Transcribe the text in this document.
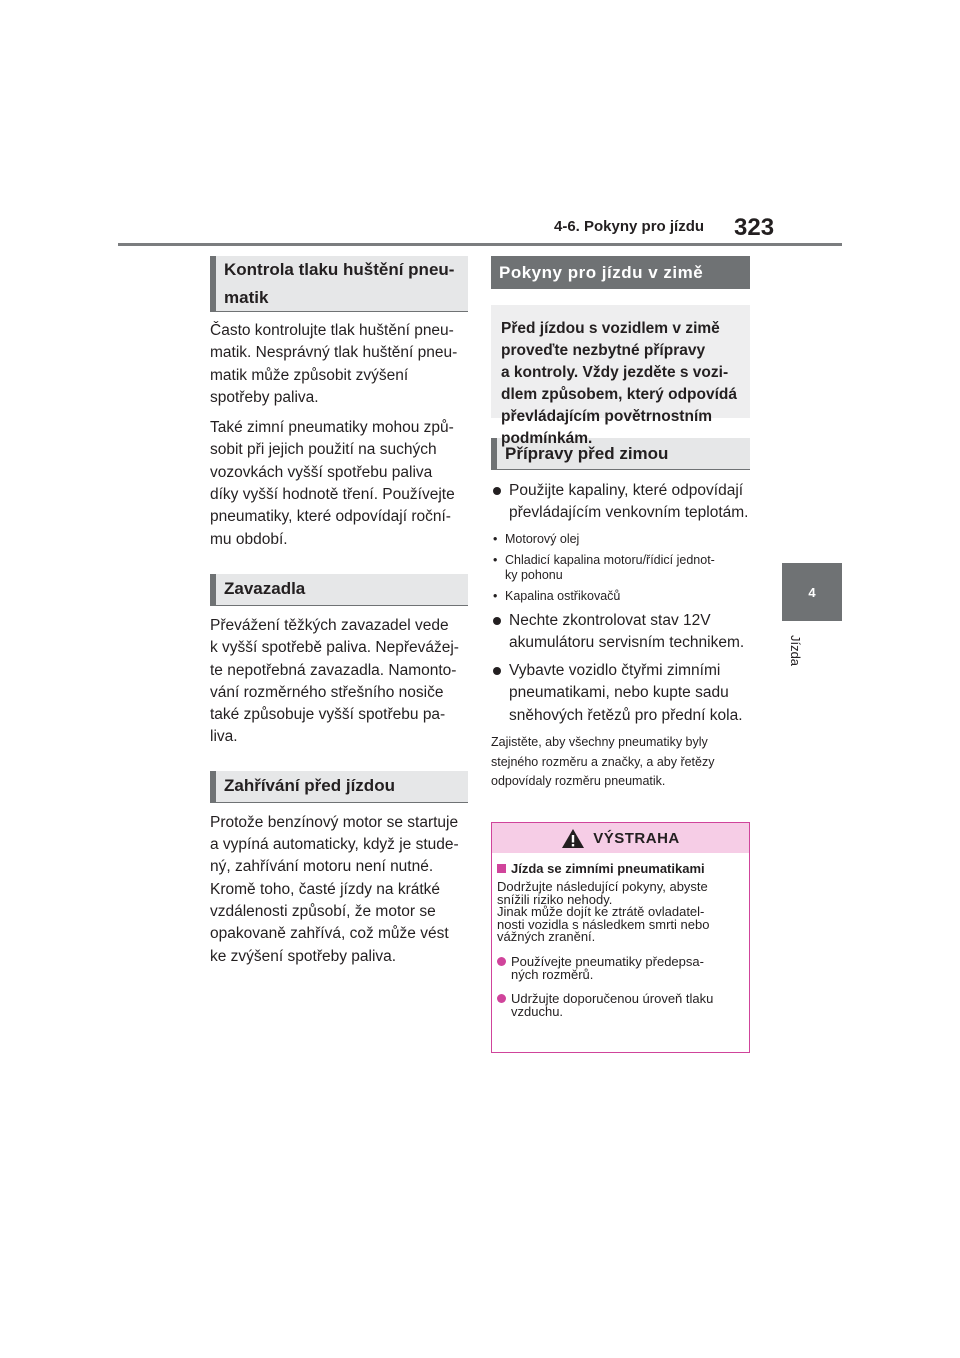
4-6. Pokyny pro jízdu 323
4
Jízda
Kontrola tlaku huštění pneu-
matik
Často kontrolujte tlak huštění pneu-
matik. Nesprávný tlak huštění pneu-
matik může způsobit zvýšení
spotřeby paliva.
Také zimní pneumatiky mohou způ-
sobit při jejich použití na suchých
vozovkách vyšší spotřebu paliva
díky vyšší hodnotě tření. Používejte
pneumatiky, které odpovídají roční-
mu období.
Zavazadla
Převážení těžkých zavazadel vede
k vyšší spotřebě paliva. Nepřevážej-
te nepotřebná zavazadla. Namonto-
vání rozměrného střešního nosiče
také způsobuje vyšší spotřebu pa-
liva.
Zahřívání před jízdou
Protože benzínový motor se startuje
a vypíná automaticky, když je stude-
ný, zahřívání motoru není nutné.
Kromě toho, časté jízdy na krátké
vzdálenosti způsobí, že motor se
opakovaně zahřívá, což může vést
ke zvýšení spotřeby paliva.
Pokyny pro jízdu v zimě
Před jízdou s vozidlem v zimě
proveďte nezbytné přípravy
a kontroly. Vždy jezděte s vozi-
dlem způsobem, který odpovídá
převládajícím povětrnostním
podmínkám.
Přípravy před zimou
Použijte kapaliny, které odpovídají
převládajícím venkovním teplotám.
• Motorový olej
• Chladicí kapalina motoru/řídicí jednot-
ky pohonu
• Kapalina ostřikovačů
Nechte zkontrolovat stav 12V
akumulátoru servisním technikem.
Vybavte vozidlo čtyřmi zimními
pneumatikami, nebo kupte sadu
sněhových řetězů pro přední kola.
Zajistěte, aby všechny pneumatiky byly
stejného rozměru a značky, a aby řetězy
odpovídaly rozměru pneumatik.
VÝSTRAHA
Jízda se zimními pneumatikami
Dodržujte následující pokyny, abyste
snížili riziko nehody.
Jinak může dojít ke ztrátě ovladatel-
nosti vozidla s následkem smrti nebo
vážných zranění.
Používejte pneumatiky předepsa-
ných rozměrů.
Udržujte doporučenou úroveň tlaku
vzduchu.
